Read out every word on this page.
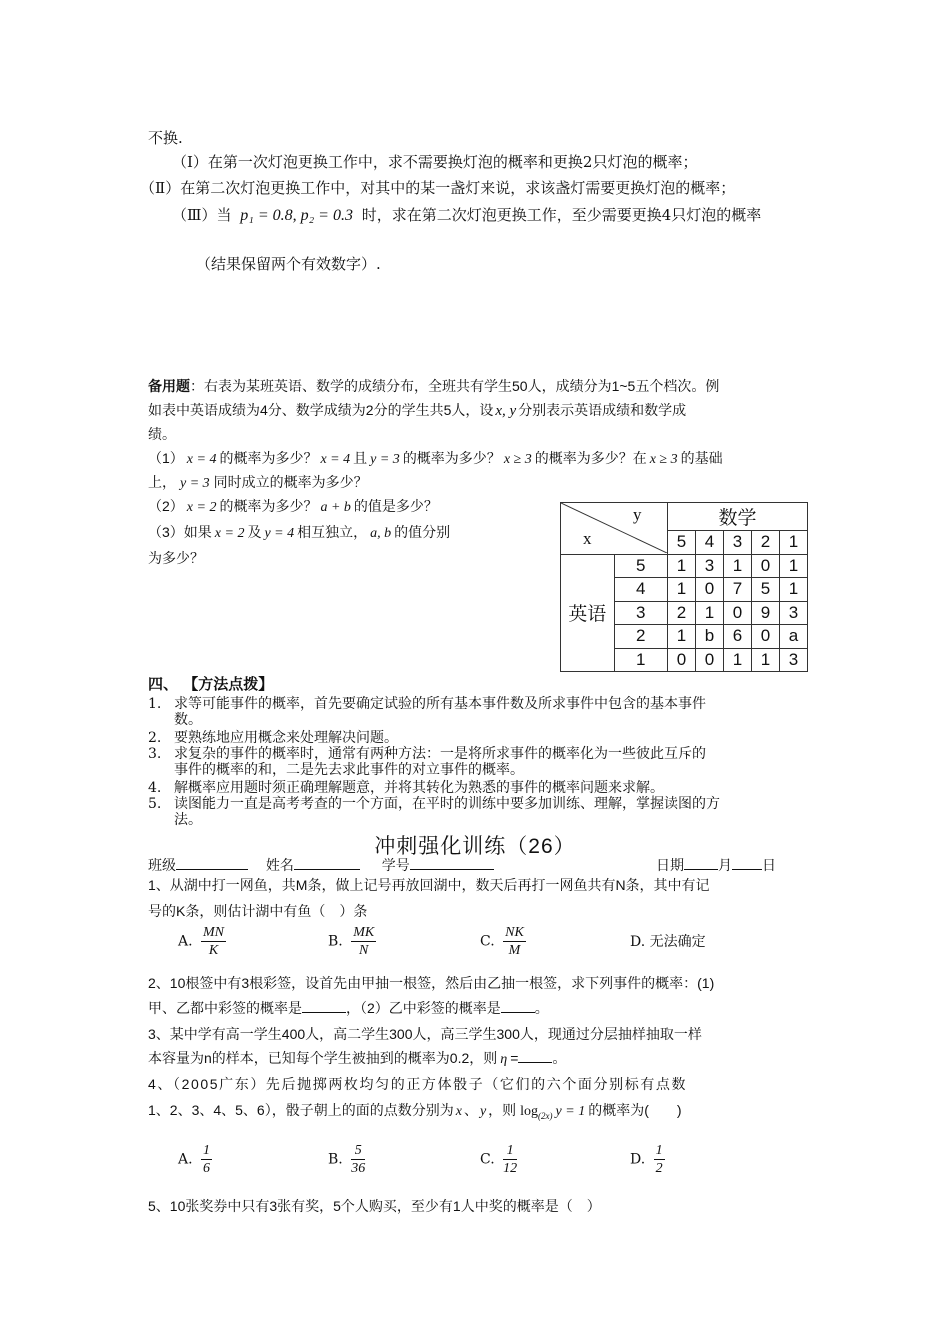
不换.
（Ⅰ）在第一次灯泡更换工作中，求不需要换灯泡的概率和更换2只灯泡的概率；
（Ⅱ）在第二次灯泡更换工作中，对其中的某一盏灯来说，求该盏灯需要更换灯泡的概率；
（Ⅲ）当 p₁ = 0.8, p₂ = 0.3 时，求在第二次灯泡更换工作，至少需要更换4只灯泡的概率
（结果保留两个有效数字）.
备用题：右表为某班英语、数学的成绩分布，全班共有学生50人，成绩分为1~5五个档次。例
如表中英语成绩为4分、数学成绩为2分的学生共5人，设 x, y 分别表示英语成绩和数学成
绩。
（1） x = 4 的概率为多少？ x = 4 且 y = 3 的概率为多少？ x ≥ 3 的概率为多少？在 x ≥ 3 的基础
上， y = 3 同时成立的概率为多少？
（2） x = 2 的概率为多少？ a + b 的值是多少？
（3）如果 x = 2 及 y = 4 相互独立， a, b 的值分别
为多少？
y
x		数学				
		5	4	3	2	1
英语	5	1	3	1	0	1
	4	1	0	7	5	1
	3	2	1	0	9	3
	2	1	b	6	0	a
	1	0	0	1	1	3
四、 【方法点拨】
1. 求等可能事件的概率，首先要确定试验的所有基本事件数及所求事件中包含的基本事件
数。
2. 要熟练地应用概念来处理解决问题。
3. 求复杂的事件的概率时，通常有两种方法：一是将所求事件的概率化为一些彼此互斥的
事件的概率的和，二是先去求此事件的对立事件的概率。
4. 解概率应用题时须正确理解题意，并将其转化为熟悉的事件的概率问题来求解。
5. 读图能力一直是高考考查的一个方面，在平时的训练中要多加训练、理解，掌握读图的方
法。
冲刺强化训练（26）
班级	姓名	学号	日期 月 日
1、从湖中打一网鱼，共M条，做上记号再放回湖中，数天后再打一网鱼共有N条，其中有记
号的K条，则估计湖中有鱼（　）条
A. $\frac{MN}{K}$	B. $\frac{MK}{N}$	C. $\frac{NK}{M}$	D. 无法确定
2、10根签中有3根彩签，设首先由甲抽一根签，然后由乙抽一根签，求下列事件的概率：(1)
甲、乙都中彩签的概率是	，（2）乙中彩签的概率是 。
3、某中学有高一学生400人，高二学生300人，高三学生300人，现通过分层抽样抽取一样
本容量为n的样本，已知每个学生被抽到的概率为0.2，则 η = 。
4、（2005广东）先后抛掷两枚均匀的正方体骰子（它们的六个面分别标有点数
1、2、3、4、5、6），骰子朝上的面的点数分别为 x 、 y ，则 $\log_{(2x)} y = 1$ 的概率为(　　)
A. $\frac{1}{6}$	B. $\frac{5}{36}$	C. $\frac{1}{12}$	D. $\frac{1}{2}$
5、10张奖券中只有3张有奖，5个人购买，至少有1人中奖的概率是（　）
